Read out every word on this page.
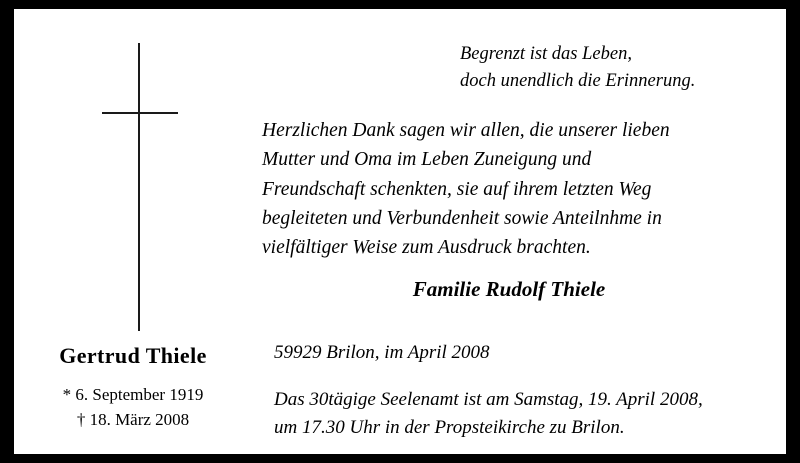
Gertrud Thiele
* 6. September 1919
† 18. März 2008
Begrenzt ist das Leben,
doch unendlich die Erinnerung.
Herzlichen Dank sagen wir allen, die unserer lieben
Mutter und Oma im Leben Zuneigung und
Freundschaft schenkten, sie auf ihrem letzten Weg
begleiteten und Verbundenheit sowie Anteilnhme in
vielfältiger Weise zum Ausdruck brachten.
Familie Rudolf Thiele
59929 Brilon, im April 2008
Das 30tägige Seelenamt ist am Samstag, 19. April 2008,
um 17.30 Uhr in der Propsteikirche zu Brilon.
